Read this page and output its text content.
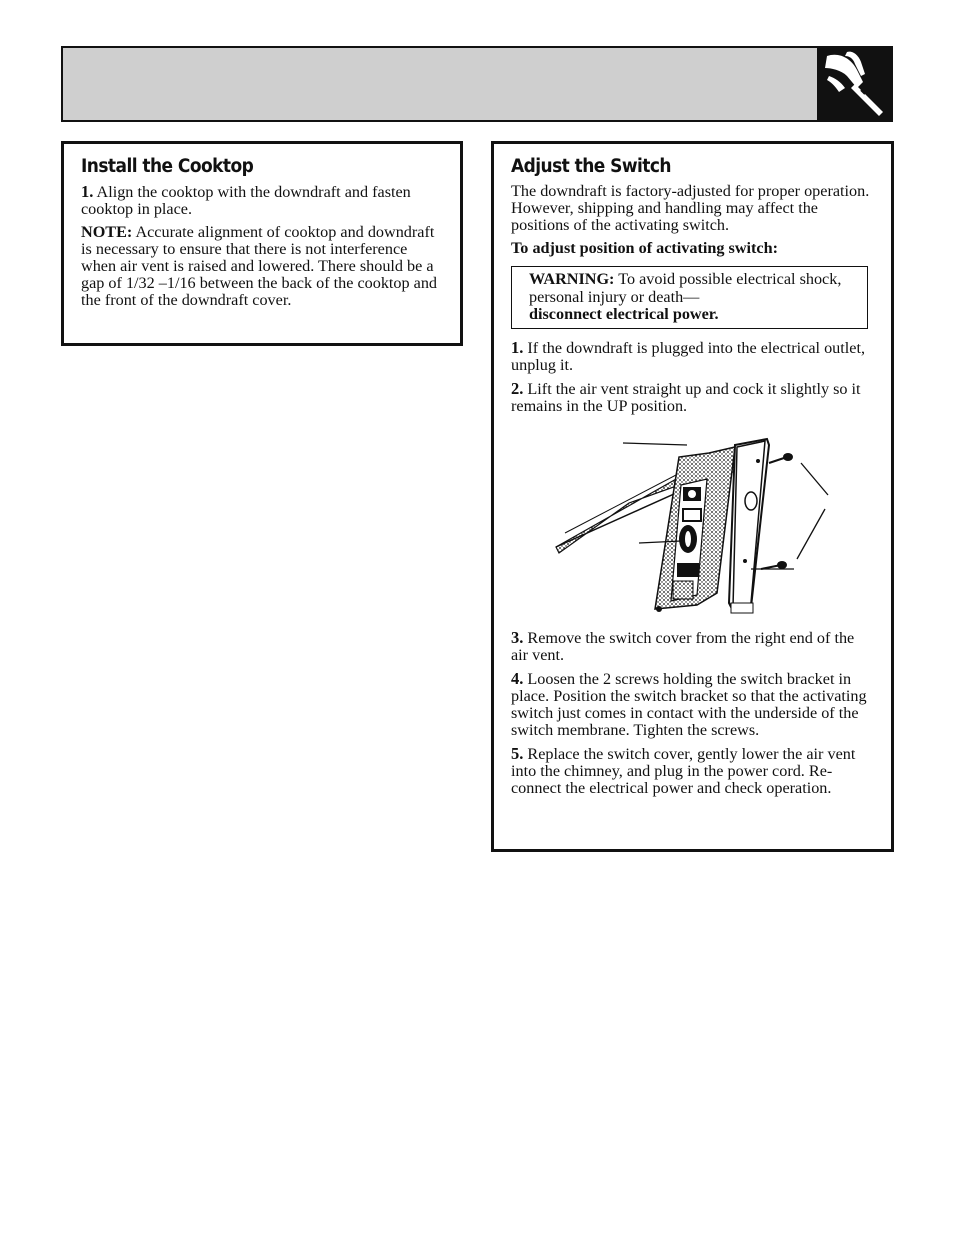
Install the Cooktop

1. Align the cooktop with the downdraft and fasten cooktop in place.

NOTE: Accurate alignment of cooktop and downdraft is necessary to ensure that there is not interference when air vent is raised and lowered. There should be a gap of 1/32 –1/16 between the back of the cooktop and the front of the downdraft cover.

Adjust the Switch

The downdraft is factory-adjusted for proper operation. However, shipping and handling may affect the positions of the activating switch.

To adjust position of activating switch:

WARNING: To avoid possible electrical shock, personal injury or death—
disconnect electrical power.

1. If the downdraft is plugged into the electrical outlet, unplug it.

2. Lift the air vent straight up and cock it slightly so it remains in the UP position.

3. Remove the switch cover from the right end of the air vent.

4. Loosen the 2 screws holding the switch bracket in place. Position the switch bracket so that the activating switch just comes in contact with the underside of the switch membrane. Tighten the screws.

5. Replace the switch cover, gently lower the air vent into the chimney, and plug in the power cord. Re-connect the electrical power and check operation.
